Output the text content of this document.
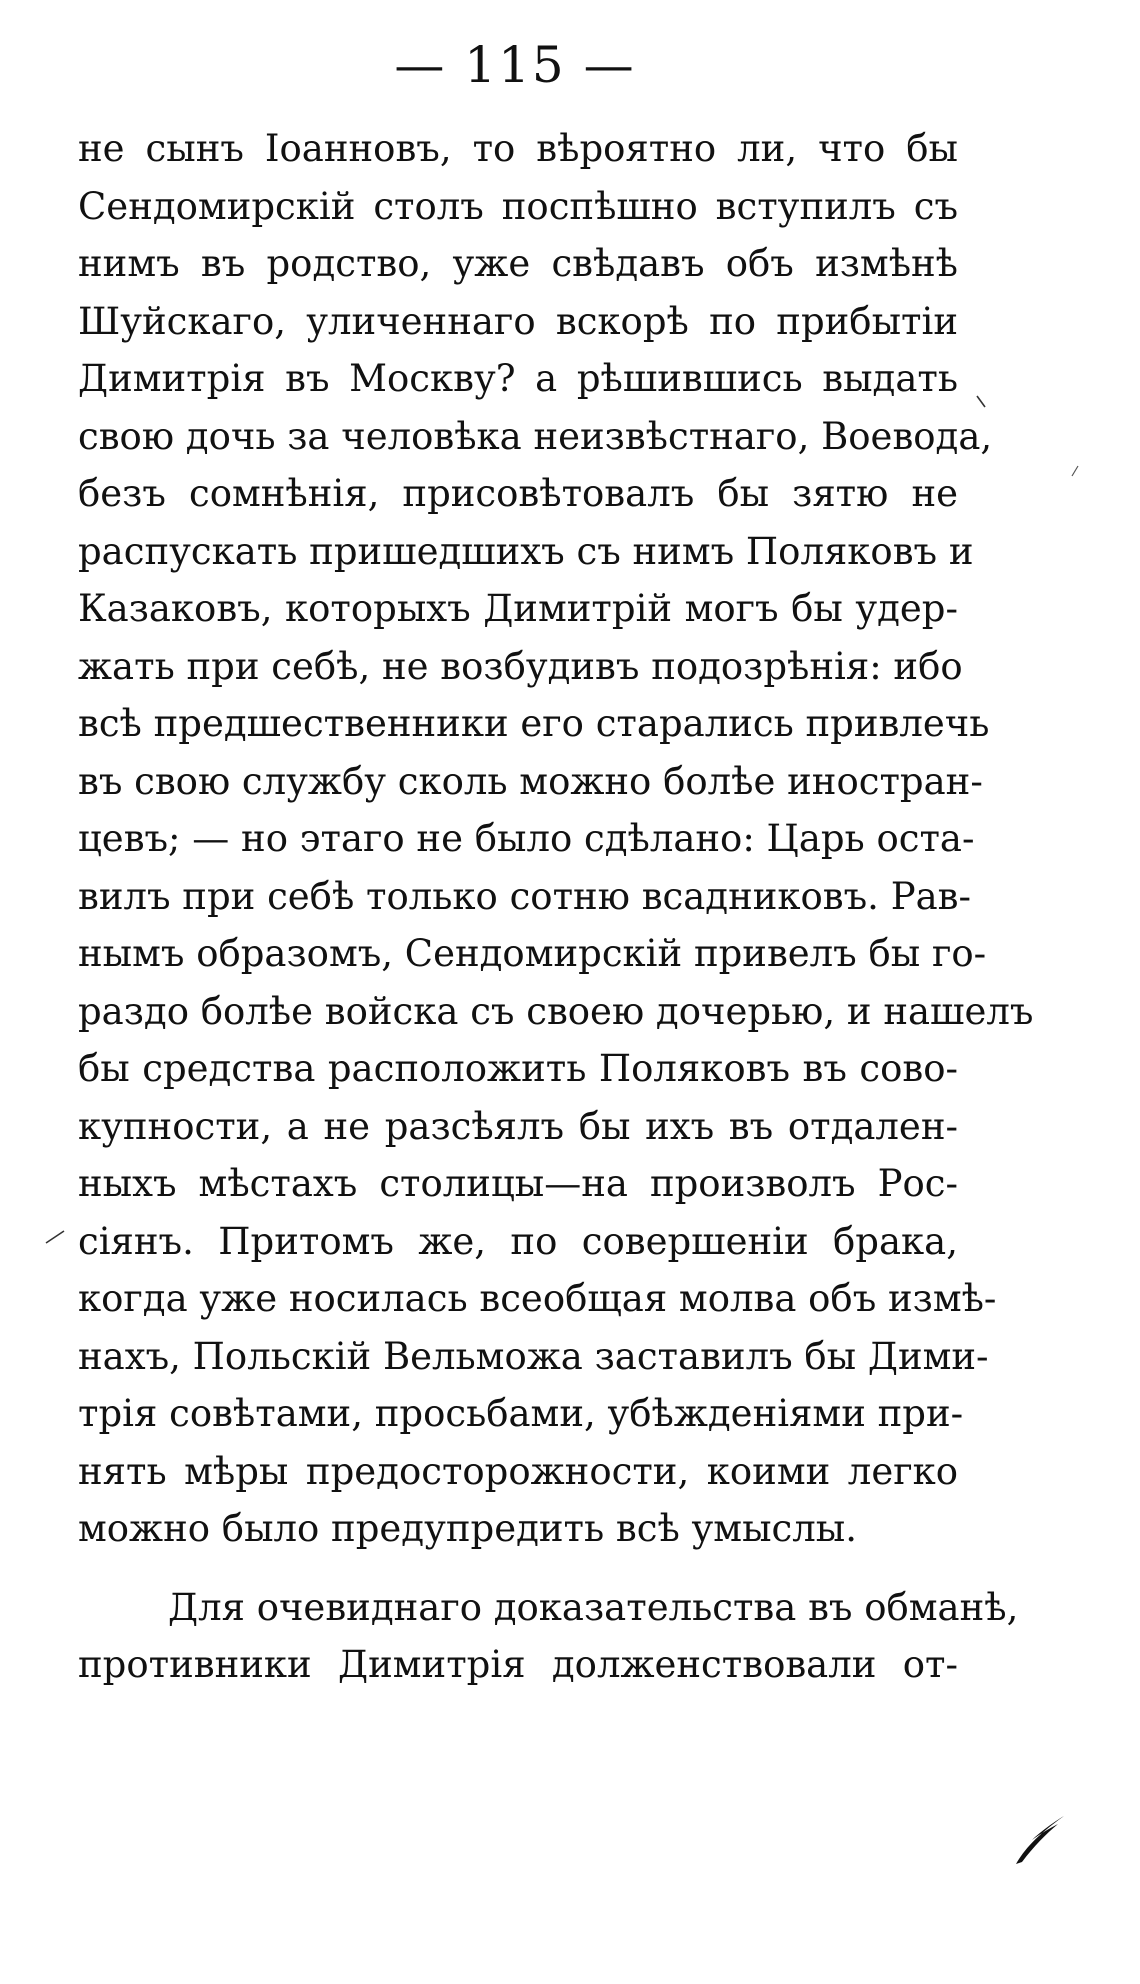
— 115 —
не сынъ Іоанновъ, то вѣроятно ли, что бы
Сендомирскій столъ поспѣшно вступилъ съ
нимъ въ родство, уже свѣдавъ объ измѣнѣ
Шуйскаго, уличеннаго вскорѣ по прибытіи
Димитрія въ Москву? а рѣшившись выдать
свою дочь за человѣка неизвѣстнаго, Воевода,
безъ сомнѣнія, присовѣтовалъ бы зятю не
распускать пришедшихъ съ нимъ Поляковъ и
Казаковъ, которыхъ Димитрій могъ бы удер-
жать при себѣ, не возбудивъ подозрѣнія: ибо
всѣ предшественники его старались привлечь
въ свою службу сколь можно болѣе иностран-
цевъ; — но этаго не было сдѣлано: Царь оста-
вилъ при себѣ только сотню всадниковъ. Рав-
нымъ образомъ, Сендомирскій привелъ бы го-
раздо болѣе войска съ своею дочерью, и нашелъ
бы средства расположить Поляковъ въ сово-
купности, а не разсѣялъ бы ихъ въ отдален-
ныхъ мѣстахъ столицы—на произволъ Рос-
сіянъ. Притомъ же, по совершеніи брака,
когда уже носилась всеобщая молва объ измѣ-
нахъ, Польскій Вельможа заставилъ бы Дими-
трія совѣтами, просьбами, убѣжденіями при-
нять мѣры предосторожности, коими легко
можно было предупредить всѣ умыслы.
Для очевиднаго доказательства въ обманѣ,
противники Димитрія долженствовали от-
